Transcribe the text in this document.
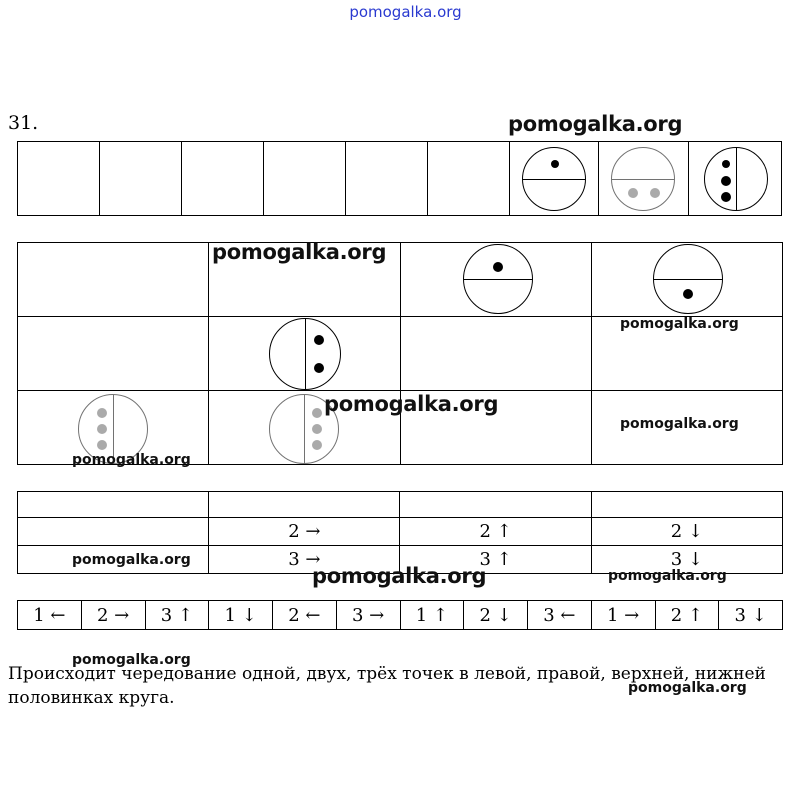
pomogalka.org
31.

	2 →	2 ↑	2 ↓
	3 →	3 ↑	3 ↓
1 ←	2 →	3 ↑	1 ↓	2 ←	3 →	1 ↑	2 ↓	3 ←	1 →	2 ↑	3 ↓
Происходит чередование одной, двух, трёх точек в левой, правой, верхней, нижней половинках круга.
pomogalka.org
pomogalka.org
pomogalka.org
pomogalka.org
pomogalka.org
pomogalka.org
pomogalka.org
pomogalka.org	pomogalka.org
pomogalka.org
pomogalka.org
